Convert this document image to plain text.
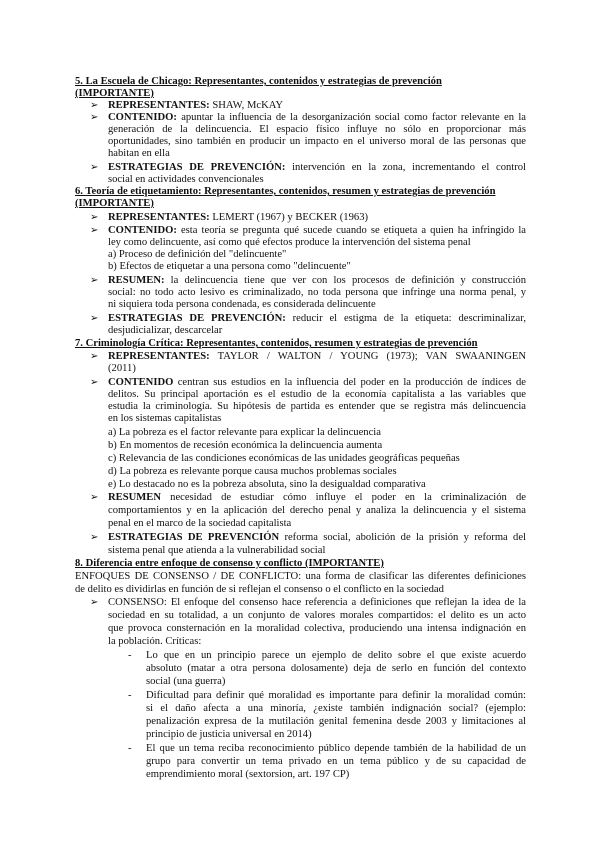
5. La Escuela de Chicago: Representantes, contenidos y estrategias de prevención
(IMPORTANTE)
➢ REPRESENTANTES: SHAW, McKAY
➢ CONTENIDO: apuntar la influencia de la desorganización social como factor relevante en la
generación de la delincuencia. El espacio físico influye no sólo en proporcionar más
oportunidades, sino también en producir un impacto en el universo moral de las personas que
habitan en ella
➢ ESTRATEGIAS DE PREVENCIÓN: intervención en la zona, incrementando el control
social en actividades convencionales
6. Teoría de etiquetamiento: Representantes, contenidos, resumen y estrategias de prevención
(IMPORTANTE)
➢ REPRESENTANTES: LEMERT (1967) y BECKER (1963)
➢ CONTENIDO: esta teoría se pregunta qué sucede cuando se etiqueta a quien ha infringido la
ley como delincuente, así como qué efectos produce la intervención del sistema penal
a) Proceso de definición del "delincuente"
b) Efectos de etiquetar a una persona como "delincuente"
➢ RESUMEN: la delincuencia tiene que ver con los procesos de definición y construcción
social: no todo acto lesivo es criminalizado, no toda persona que infringe una norma penal, y
ni siquiera toda persona condenada, es considerada delincuente
➢ ESTRATEGIAS DE PREVENCIÓN: reducir el estigma de la etiqueta: descriminalizar,
desjudicializar, descarcelar
7. Criminología Crítica: Representantes, contenidos, resumen y estrategias de prevención
➢ REPRESENTANTES: TAYLOR / WALTON / YOUNG (1973); VAN SWAANINGEN
(2011)
➢ CONTENIDO centran sus estudios en la influencia del poder en la producción de índices de
delitos. Su principal aportación es el estudio de la economía capitalista a las variables que
estudia la criminología. Su hipótesis de partida es entender que se registra más delincuencia
en los sistemas capitalistas
a) La pobreza es el factor relevante para explicar la delincuencia
b) En momentos de recesión económica la delincuencia aumenta
c) Relevancia de las condiciones económicas de las unidades geográficas pequeñas
d) La pobreza es relevante porque causa muchos problemas sociales
e) Lo destacado no es la pobreza absoluta, sino la desigualdad comparativa
➢ RESUMEN necesidad de estudiar cómo influye el poder en la criminalización de
comportamientos y en la aplicación del derecho penal y analiza la delincuencia y el sistema
penal en el marco de la sociedad capitalista
➢ ESTRATEGIAS DE PREVENCIÓN reforma social, abolición de la prisión y reforma del
sistema penal que atienda a la vulnerabilidad social
8. Diferencia entre enfoque de consenso y conflicto (IMPORTANTE)
ENFOQUES DE CONSENSO / DE CONFLICTO: una forma de clasificar las diferentes definiciones
de delito es dividirlas en función de si reflejan el consenso o el conflicto en la sociedad
➢ CONSENSO: El enfoque del consenso hace referencia a definiciones que reflejan la idea de la
sociedad en su totalidad, a un conjunto de valores morales compartidos: el delito es un acto
que provoca consternación en la moralidad colectiva, produciendo una intensa indignación en
la población. Críticas:
- Lo que en un principio parece un ejemplo de delito sobre el que existe acuerdo
absoluto (matar a otra persona dolosamente) deja de serlo en función del contexto
social (una guerra)
- Dificultad para definir qué moralidad es importante para definir la moralidad común:
si el daño afecta a una minoría, ¿existe también indignación social? (ejemplo:
penalización expresa de la mutilación genital femenina desde 2003 y limitaciones al
principio de justicia universal en 2014)
- El que un tema reciba reconocimiento público depende también de la habilidad de un
grupo para convertir un tema privado en un tema público y de su capacidad de
emprendimiento moral (sextorsion, art. 197 CP)
